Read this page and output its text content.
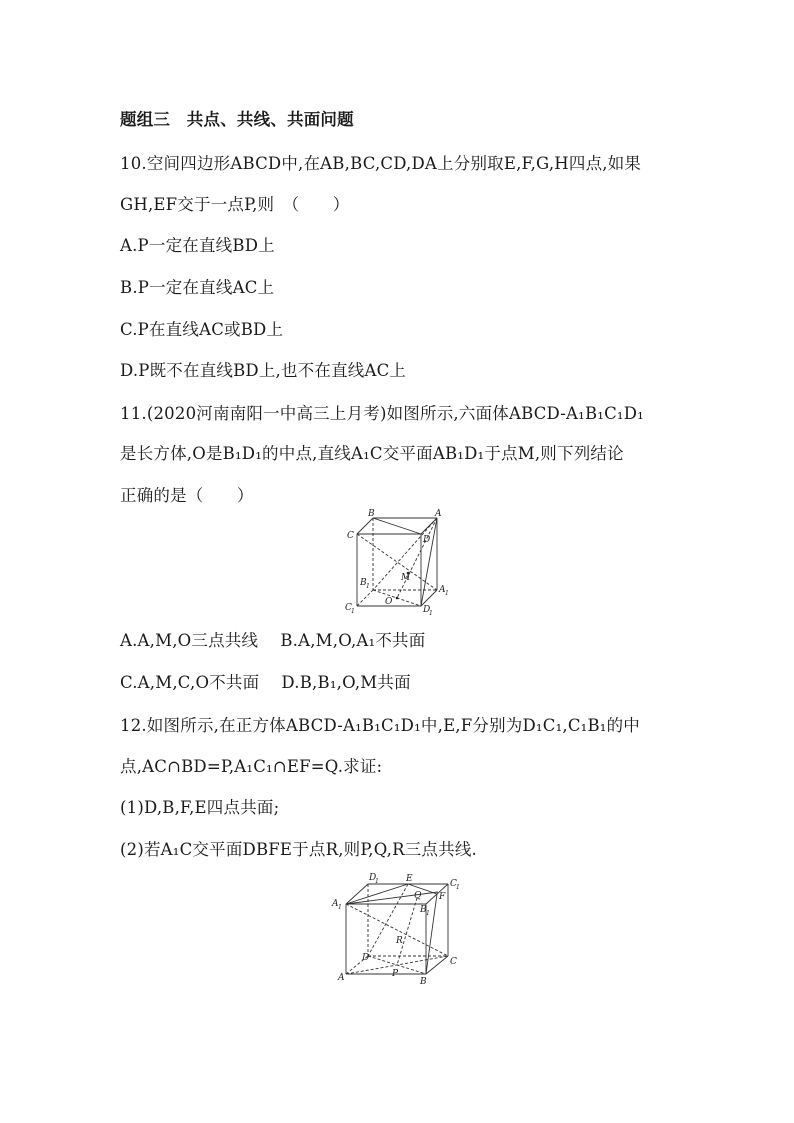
题组三　共点、共线、共面问题
10.空间四边形ABCD中,在AB,BC,CD,DA上分别取E,F,G,H四点,如果
GH,EF交于一点P,则　（　　）
A.P一定在直线BD上
B.P一定在直线AC上
C.P在直线AC或BD上
D.P既不在直线BD上,也不在直线AC上
11.(2020河南南阳一中高三上月考)如图所示,六面体ABCD-A₁B₁C₁D₁
是长方体,O是B₁D₁的中点,直线A₁C交平面AB₁D₁于点M,则下列结论
正确的是（　　）
B	A
C	D
M
B 1	A 1
O
C 1	D
1
A.A,M,O三点共线　 B.A,M,O,A₁不共面
C.A,M,C,O不共面　 D.B,B₁,O,M共面
12.如图所示,在正方体ABCD-A₁B₁C₁D₁中,E,F分别为D₁C₁,C₁B₁的中
点,AC∩BD=P,A₁C₁∩EF=Q.求证:
(1)D,B,F,E四点共面;
(2)若A₁C交平面DBFE于点R,则P,Q,R三点共线.
D
1	E	C 1
A 1
Q F
B 1
R
D	C
A	P
B
